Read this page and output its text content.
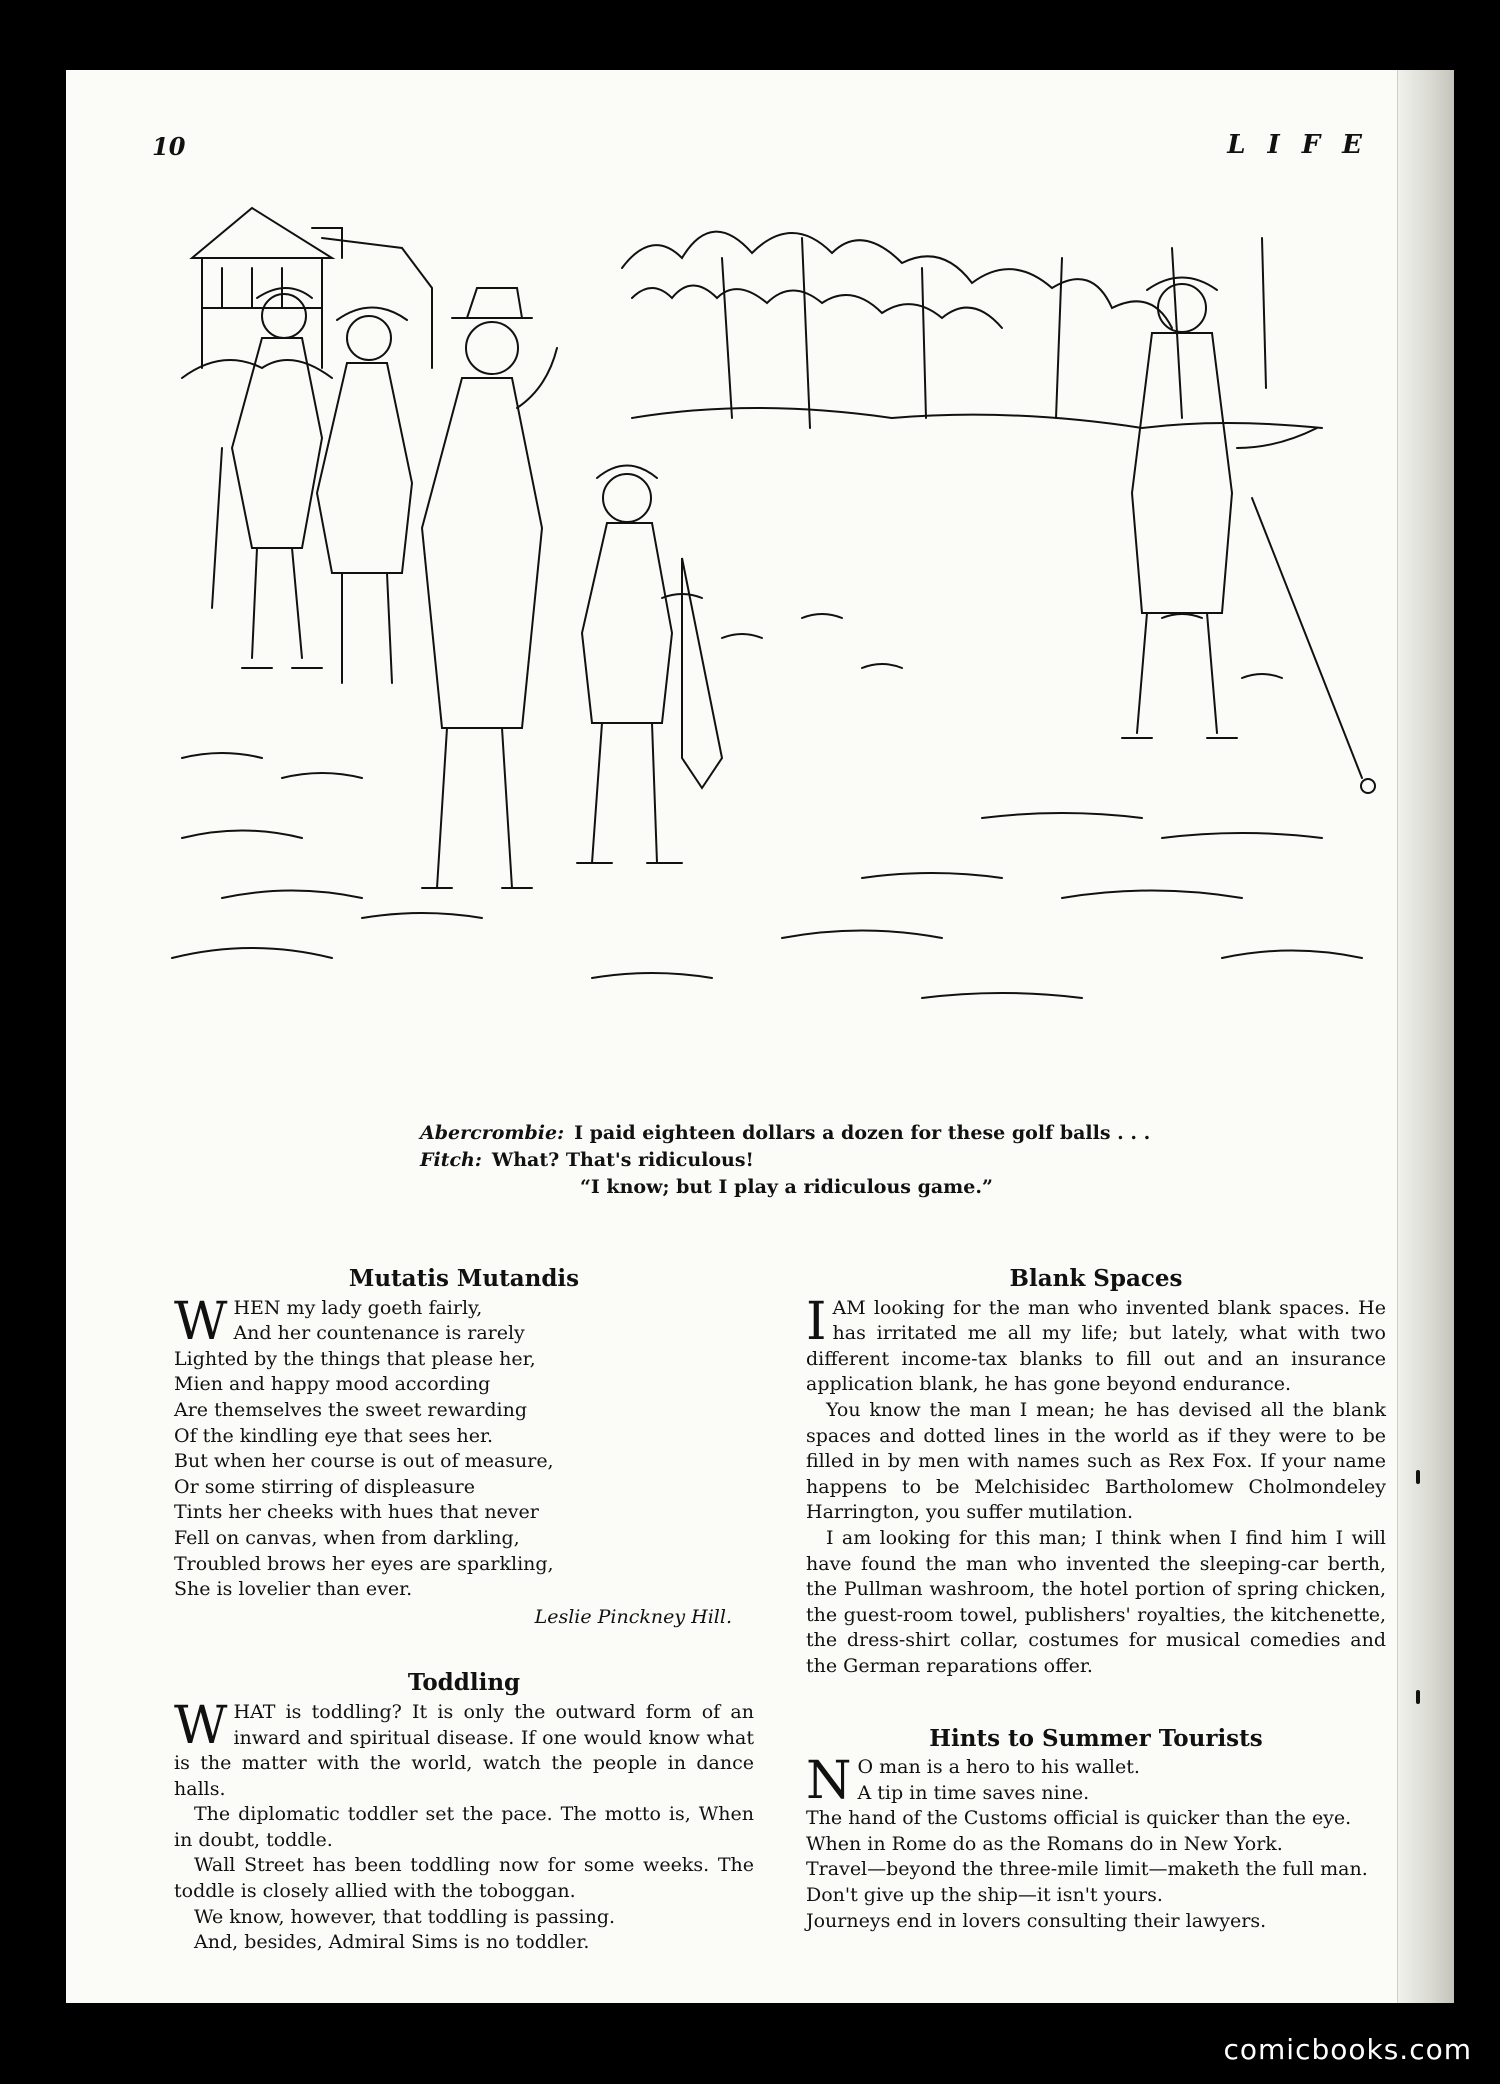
10	LIFE
Abercrombie: I paid eighteen dollars a dozen for these golf balls . . .
Fitch: What? That's ridiculous!
“I know; but I play a ridiculous game.”
Mutatis Mutandis
W HEN my lady goeth fairly,
And her countenance is rarely
Lighted by the things that please her,
Mien and happy mood according
Are themselves the sweet rewarding
Of the kindling eye that sees her.
But when her course is out of measure,
Or some stirring of displeasure
Tints her cheeks with hues that never
Fell on canvas, when from darkling,
Troubled brows her eyes are sparkling,
She is lovelier than ever.
Leslie Pinckney Hill.
Toddling

WHAT is toddling? It is only the outward form of an inward and spiritual disease. If one would know what is the matter with the world, watch the people in dance halls.

The diplomatic toddler set the pace. The motto is, When in doubt, toddle.

Wall Street has been toddling now for some weeks. The toddle is closely allied with the toboggan.

We know, however, that toddling is passing.

And, besides, Admiral Sims is no toddler.

Blank Spaces

IAM looking for the man who invented blank spaces. He has irritated me all my life; but lately, what with two different income-tax blanks to fill out and an insurance application blank, he has gone beyond endurance.

You know the man I mean; he has devised all the blank spaces and dotted lines in the world as if they were to be filled in by men with names such as Rex Fox. If your name happens to be Melchisidec Bartholomew Cholmondeley Harrington, you suffer mutilation.

I am looking for this man; I think when I find him I will have found the man who invented the sleeping-car berth, the Pullman washroom, the hotel portion of spring chicken, the guest-room towel, publishers' royalties, the kitchenette, the dress-shirt collar, costumes for musical comedies and the German reparations offer.

Hints to Summer Tourists
N O man is a hero to his wallet.
A tip in time saves nine.
The hand of the Customs official is quicker than the eye.
When in Rome do as the Romans do in New York.
Travel—beyond the three-mile limit—maketh the full man.
Don't give up the ship—it isn't yours.
Journeys end in lovers consulting their lawyers.
comicbooks.com
